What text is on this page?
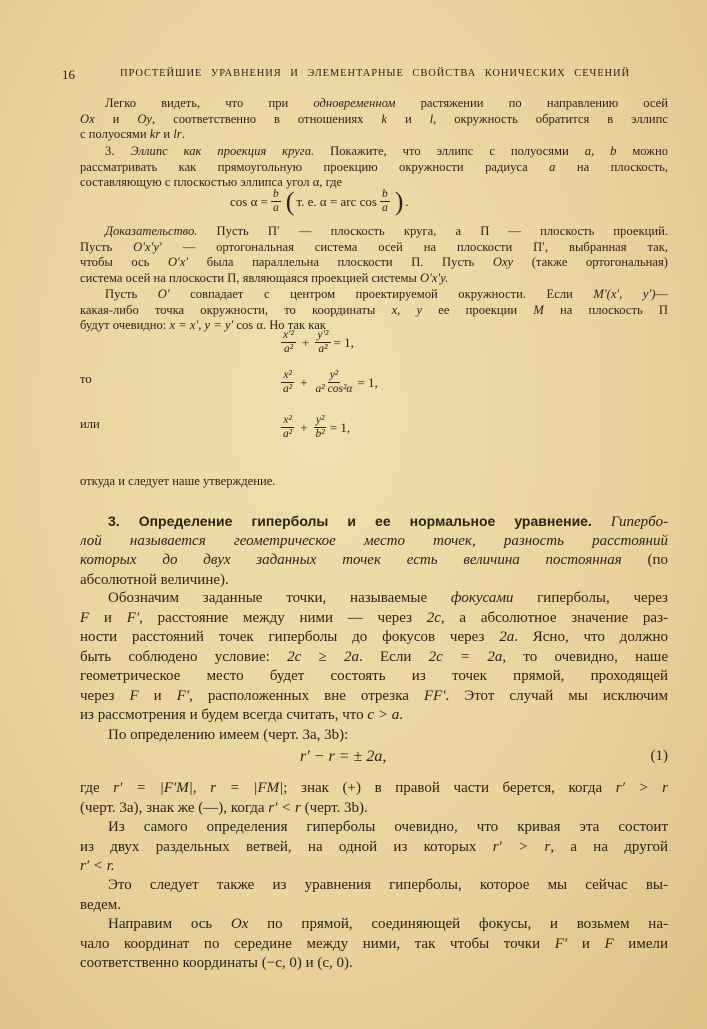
16	ПРОСТЕЙШИЕ УРАВНЕНИЯ И ЭЛЕМЕНТАРНЫЕ СВОЙСТВА КОНИЧЕСКИХ СЕЧЕНИЙ
Легко видеть, что при одновременном растяжении по направлению осей
Ox и Oy, соответственно в отношениях k и l, окружность обратится в эллипс
с полуосями kr и lr.
3. Эллипс как проекция круга. Покажите, что эллипс с полуосями a, b можно
рассматривать как прямоугольную проекцию окружности радиуса a на плоскость,
составляющую с плоскостью эллипса угол α, где
$\cos \alpha = \frac{b}{a}$ ( т. е. α = arc $\cos \frac{b}{a}$ ) .
Доказательство. Пусть Π′ — плоскость круга, а Π — плоскость проекций.
Пусть O′x′y′ — ортогональная система осей на плоскости Π′, выбранная так,
чтобы ось O′x′ была параллельна плоскости Π. Пусть Oxy (также ортогональная)
система осей на плоскости Π, являющаяся проекцией системы O′x′y.
Пусть O′ совпадает с центром проектируемой окружности. Если M′(x′, y′)—
какая-либо точка окружности, то координаты x, y ее проекции M на плоскость Π
будут очевидно: x = x′, y = y′ cos α. Но так как
$\frac{\text{x′²}}{\text{a²}} + \frac{\text{y′²}}{\text{a²}} = 1$,
то	$\frac{\text{x²}}{\text{a²}} + \frac{\text{y²}}{\text{a² cos²α}} = 1$,
или	$\frac{\text{x²}}{\text{a²}} + \frac{\text{y²}}{\text{b²}} = 1$,
откуда и следует наше утверждение.
3. Определение гиперболы и ее нормальное уравнение. Гипербо-
лой называется геометрическое место точек, разность расстояний
которых до двух заданных точек есть величина постоянная (по
абсолютной величине).
Обозначим заданные точки, называемые фокусами гиперболы, через
F и F′, расстояние между ними — через 2c, а абсолютное значение раз-
ности расстояний точек гиперболы до фокусов через 2a. Ясно, что должно
быть соблюдено условие: 2c ≥ 2a. Если 2c = 2a, то очевидно, наше
геометрическое место будет состоять из точек прямой, проходящей
через F и F′, расположенных вне отрезка FF′. Этот случай мы исключим
из рассмотрения и будем всегда считать, что c > a.
По определению имеем (черт. 3a, 3b):
r′ − r = ± 2a,	(1)
где r′ = |F′M|, r = |FM|; знак (+) в правой части берется, когда r′ > r
(черт. 3a), знак же (—), когда r′ < r (черт. 3b).
Из самого определения гиперболы очевидно, что кривая эта состоит
из двух раздельных ветвей, на одной из которых r′ > r, а на другой
r′ < r.
Это следует также из уравнения гиперболы, которое мы сейчас вы-
ведем.
Направим ось Ox по прямой, соединяющей фокусы, и возьмем на-
чало координат по середине между ними, так чтобы точки F′ и F имели
соответственно координаты (−c, 0) и (c, 0).
